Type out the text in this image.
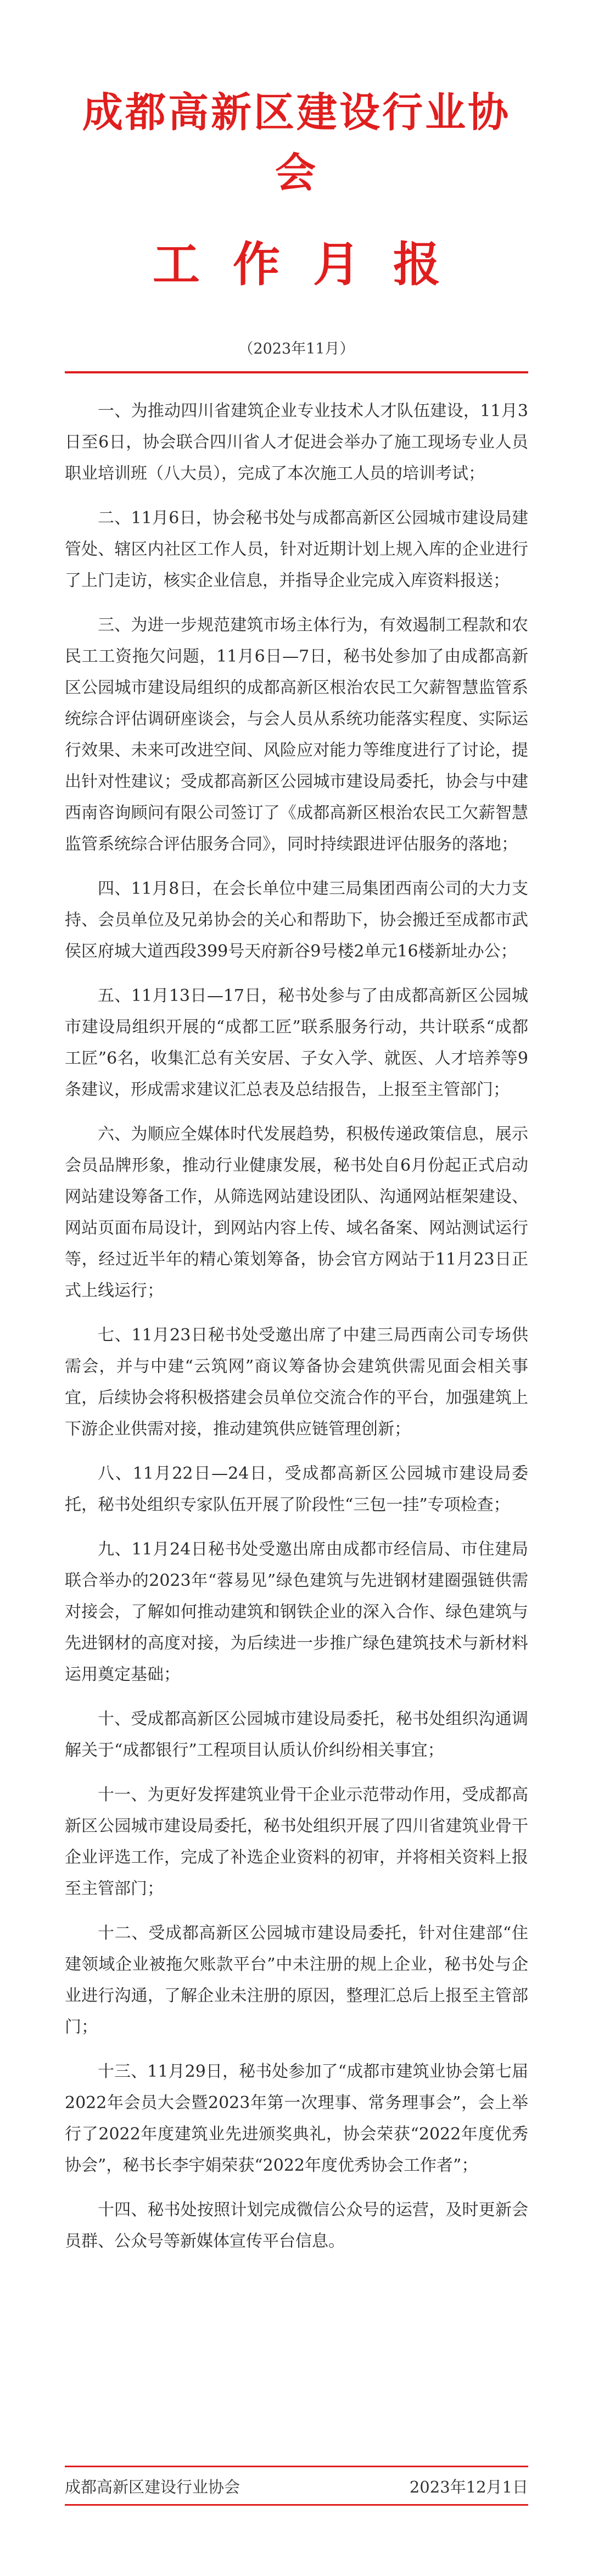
成都高新区建设行业协会
工作月报
（2023年11月）

一、为推动四川省建筑企业专业技术人才队伍建设，11月3日至6日，协会联合四川省人才促进会举办了施工现场专业人员职业培训班（八大员），完成了本次施工人员的培训考试；

二、11月6日，协会秘书处与成都高新区公园城市建设局建管处、辖区内社区工作人员，针对近期计划上规入库的企业进行了上门走访，核实企业信息，并指导企业完成入库资料报送；

三、为进一步规范建筑市场主体行为，有效遏制工程款和农民工工资拖欠问题，11月6日—7日，秘书处参加了由成都高新区公园城市建设局组织的成都高新区根治农民工欠薪智慧监管系统综合评估调研座谈会，与会人员从系统功能落实程度、实际运行效果、未来可改进空间、风险应对能力等维度进行了讨论，提出针对性建议；受成都高新区公园城市建设局委托，协会与中建西南咨询顾问有限公司签订了《成都高新区根治农民工欠薪智慧监管系统综合评估服务合同》，同时持续跟进评估服务的落地；

四、11月8日，在会长单位中建三局集团西南公司的大力支持、会员单位及兄弟协会的关心和帮助下，协会搬迁至成都市武侯区府城大道西段399号天府新谷9号楼2单元16楼新址办公；

五、11月13日—17日，秘书处参与了由成都高新区公园城市建设局组织开展的“成都工匠”联系服务行动，共计联系“成都工匠”6名，收集汇总有关安居、子女入学、就医、人才培养等9条建议，形成需求建议汇总表及总结报告，上报至主管部门；

六、为顺应全媒体时代发展趋势，积极传递政策信息，展示会员品牌形象，推动行业健康发展，秘书处自6月份起正式启动网站建设筹备工作，从筛选网站建设团队、沟通网站框架建设、网站页面布局设计，到网站内容上传、域名备案、网站测试运行等，经过近半年的精心策划筹备，协会官方网站于11月23日正式上线运行；

七、11月23日秘书处受邀出席了中建三局西南公司专场供需会，并与中建“云筑网”商议筹备协会建筑供需见面会相关事宜，后续协会将积极搭建会员单位交流合作的平台，加强建筑上下游企业供需对接，推动建筑供应链管理创新；

八、11月22日—24日，受成都高新区公园城市建设局委托，秘书处组织专家队伍开展了阶段性“三包一挂”专项检查；

九、11月24日秘书处受邀出席由成都市经信局、市住建局联合举办的2023年“蓉易见”绿色建筑与先进钢材建圈强链供需对接会，了解如何推动建筑和钢铁企业的深入合作、绿色建筑与先进钢材的高度对接，为后续进一步推广绿色建筑技术与新材料运用奠定基础；

十、受成都高新区公园城市建设局委托，秘书处组织沟通调解关于“成都银行”工程项目认质认价纠纷相关事宜；

十一、为更好发挥建筑业骨干企业示范带动作用，受成都高新区公园城市建设局委托，秘书处组织开展了四川省建筑业骨干企业评选工作，完成了补选企业资料的初审，并将相关资料上报至主管部门；

十二、受成都高新区公园城市建设局委托，针对住建部“住建领域企业被拖欠账款平台”中未注册的规上企业，秘书处与企业进行沟通，了解企业未注册的原因，整理汇总后上报至主管部门；

十三、11月29日，秘书处参加了“成都市建筑业协会第七届2022年会员大会暨2023年第一次理事、常务理事会”，会上举行了2022年度建筑业先进颁奖典礼，协会荣获“2022年度优秀协会”，秘书长李宇娟荣获“2022年度优秀协会工作者”；

十四、秘书处按照计划完成微信公众号的运营，及时更新会员群、公众号等新媒体宣传平台信息。

成都高新区建设行业协会	2023年12月1日
